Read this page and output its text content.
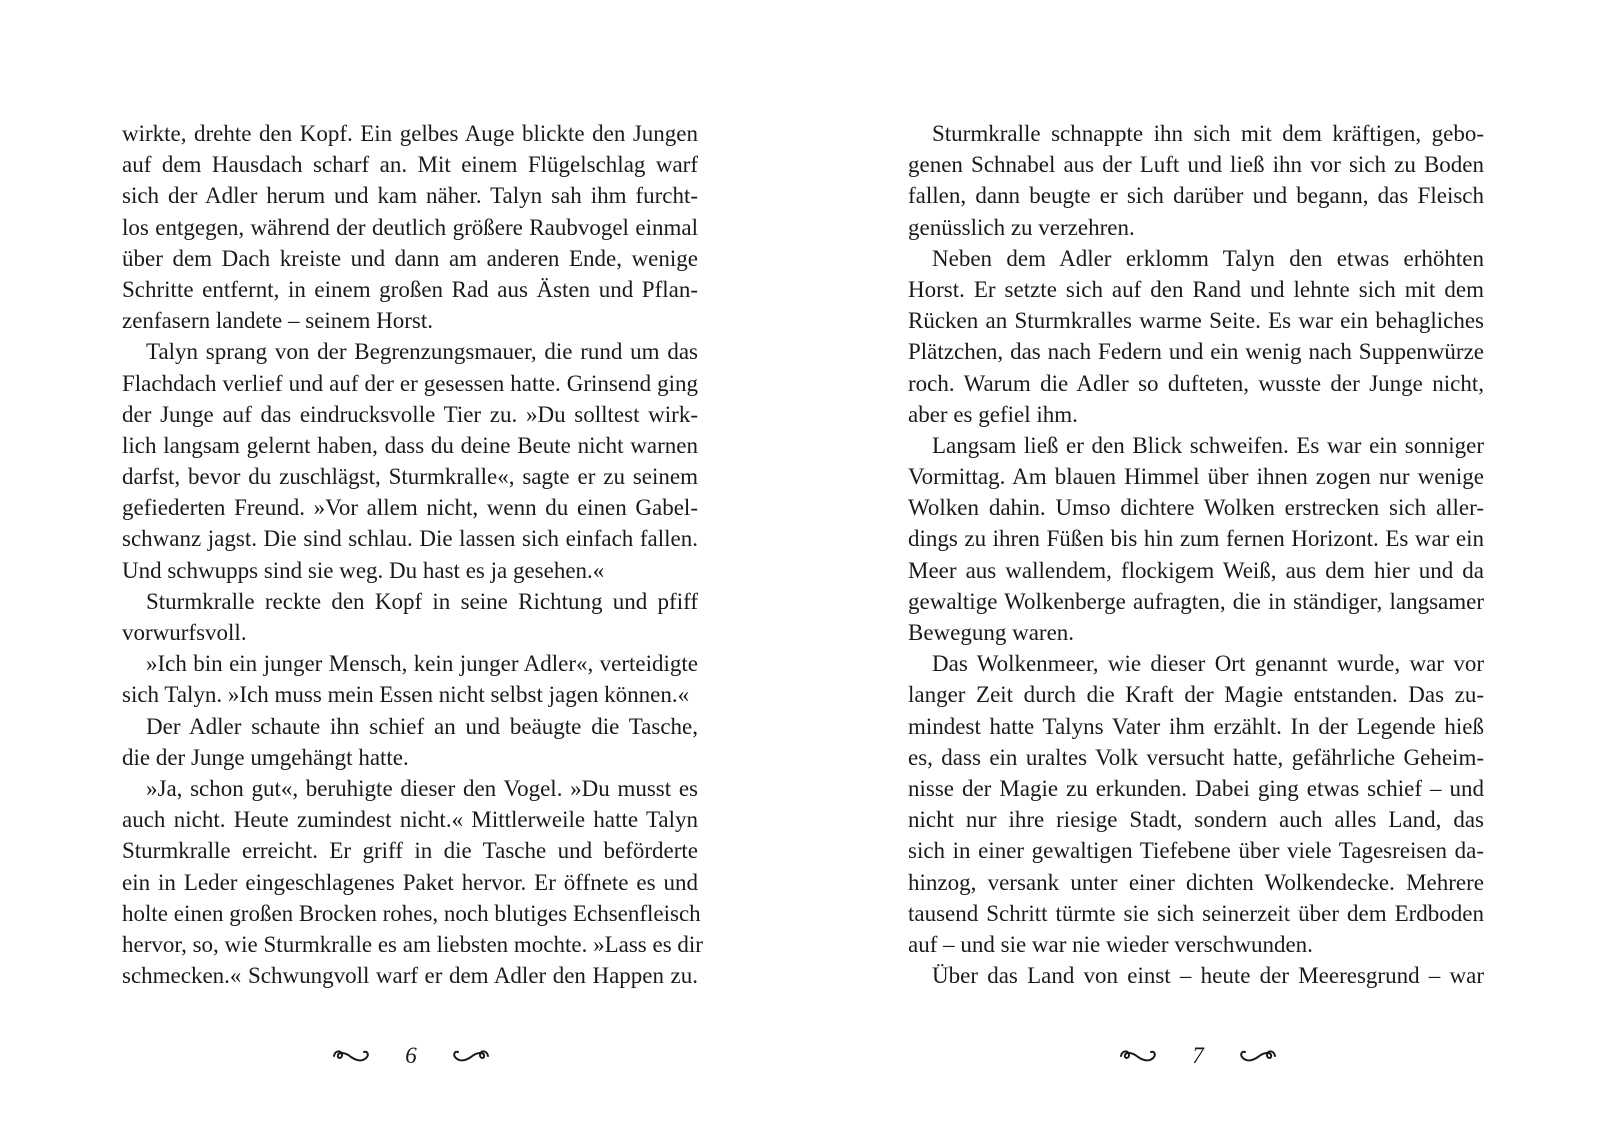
wirkte, drehte den Kopf. Ein gelbes Auge blickte den Jungen
auf dem Hausdach scharf an. Mit einem Flügelschlag warf
sich der Adler herum und kam näher. Talyn sah ihm furcht-
los entgegen, während der deutlich größere Raubvogel einmal
über dem Dach kreiste und dann am anderen Ende, wenige
Schritte entfernt, in einem großen Rad aus Ästen und Pflan-
zenfasern landete – seinem Horst.
Talyn sprang von der Begrenzungsmauer, die rund um das
Flachdach verlief und auf der er gesessen hatte. Grinsend ging
der Junge auf das eindrucksvolle Tier zu. »Du solltest wirk-
lich langsam gelernt haben, dass du deine Beute nicht warnen
darfst, bevor du zuschlägst, Sturmkralle«, sagte er zu seinem
gefiederten Freund. »Vor allem nicht, wenn du einen Gabel-
schwanz jagst. Die sind schlau. Die lassen sich einfach fallen.
Und schwupps sind sie weg. Du hast es ja gesehen.«
Sturmkralle reckte den Kopf in seine Richtung und pfiff
vorwurfsvoll.
»Ich bin ein junger Mensch, kein junger Adler«, verteidigte
sich Talyn. »Ich muss mein Essen nicht selbst jagen können.«
Der Adler schaute ihn schief an und beäugte die Tasche,
die der Junge umgehängt hatte.
»Ja, schon gut«, beruhigte dieser den Vogel. »Du musst es
auch nicht. Heute zumindest nicht.« Mittlerweile hatte Talyn
Sturmkralle erreicht. Er griff in die Tasche und beförderte
ein in Leder eingeschlagenes Paket hervor. Er öffnete es und
holte einen großen Brocken rohes, noch blutiges Echsenfleisch
hervor, so, wie Sturmkralle es am liebsten mochte. »Lass es dir
schmecken.« Schwungvoll warf er dem Adler den Happen zu.
Sturmkralle schnappte ihn sich mit dem kräftigen, gebo-
genen Schnabel aus der Luft und ließ ihn vor sich zu Boden
fallen, dann beugte er sich darüber und begann, das Fleisch
genüsslich zu verzehren.
Neben dem Adler erklomm Talyn den etwas erhöhten
Horst. Er setzte sich auf den Rand und lehnte sich mit dem
Rücken an Sturmkralles warme Seite. Es war ein behagliches
Plätzchen, das nach Federn und ein wenig nach Suppenwürze
roch. Warum die Adler so dufteten, wusste der Junge nicht,
aber es gefiel ihm.
Langsam ließ er den Blick schweifen. Es war ein sonniger
Vormittag. Am blauen Himmel über ihnen zogen nur wenige
Wolken dahin. Umso dichtere Wolken erstrecken sich aller-
dings zu ihren Füßen bis hin zum fernen Horizont. Es war ein
Meer aus wallendem, flockigem Weiß, aus dem hier und da
gewaltige Wolkenberge aufragten, die in ständiger, langsamer
Bewegung waren.
Das Wolkenmeer, wie dieser Ort genannt wurde, war vor
langer Zeit durch die Kraft der Magie entstanden. Das zu-
mindest hatte Talyns Vater ihm erzählt. In der Legende hieß
es, dass ein uraltes Volk versucht hatte, gefährliche Geheim-
nisse der Magie zu erkunden. Dabei ging etwas schief – und
nicht nur ihre riesige Stadt, sondern auch alles Land, das
sich in einer gewaltigen Tiefebene über viele Tagesreisen da-
hinzog, versank unter einer dichten Wolkendecke. Mehrere
tausend Schritt türmte sie sich seinerzeit über dem Erdboden
auf – und sie war nie wieder verschwunden.
Über das Land von einst – heute der Meeresgrund – war
6	7
